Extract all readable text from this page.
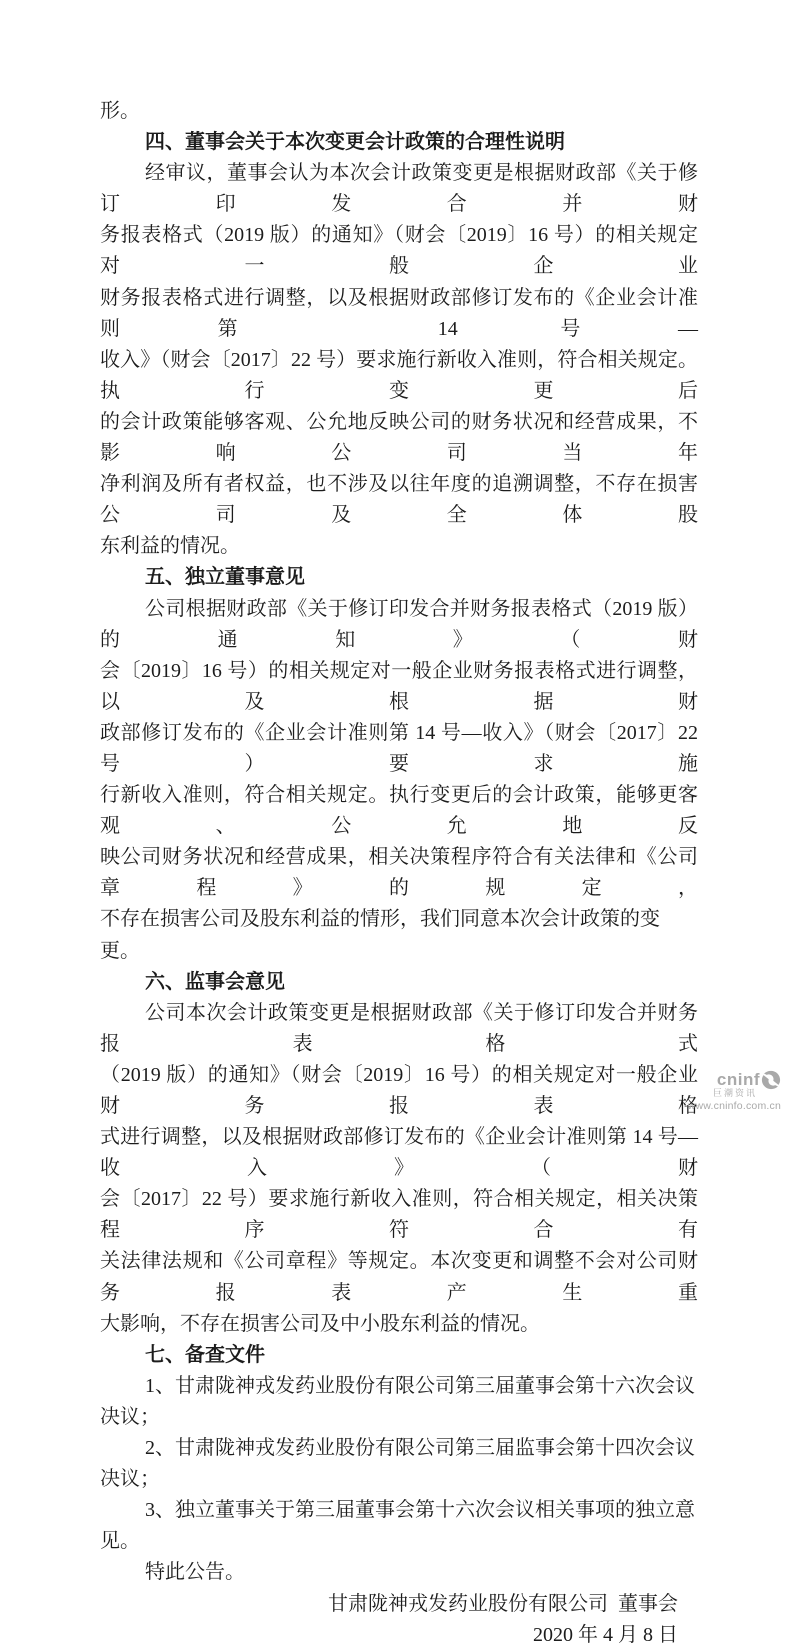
形。
四、董事会关于本次变更会计政策的合理性说明
经审议，董事会认为本次会计政策变更是根据财政部《关于修订印发合并财
务报表格式（2019 版）的通知》（财会〔2019〕16 号）的相关规定对一般企业
财务报表格式进行调整，以及根据财政部修订发布的《企业会计准则第 14 号—
收入》（财会〔2017〕22 号）要求施行新收入准则，符合相关规定。执行变更后
的会计政策能够客观、公允地反映公司的财务状况和经营成果，不影响公司当年
净利润及所有者权益，也不涉及以往年度的追溯调整，不存在损害公司及全体股
东利益的情况。
五、独立董事意见
公司根据财政部《关于修订印发合并财务报表格式（2019 版）的通知》（财
会〔2019〕16 号）的相关规定对一般企业财务报表格式进行调整，以及根据财
政部修订发布的《企业会计准则第 14 号—收入》（财会〔2017〕22 号）要求施
行新收入准则，符合相关规定。执行变更后的会计政策，能够更客观、公允地反
映公司财务状况和经营成果，相关决策程序符合有关法律和《公司章程》的规定，
不存在损害公司及股东利益的情形，我们同意本次会计政策的变更。
六、监事会意见
公司本次会计政策变更是根据财政部《关于修订印发合并财务报表格式
（2019 版）的通知》（财会〔2019〕16 号）的相关规定对一般企业财务报表格
式进行调整，以及根据财政部修订发布的《企业会计准则第 14 号—收入》（财
会〔2017〕22 号）要求施行新收入准则，符合相关规定，相关决策程序符合有
关法律法规和《公司章程》等规定。本次变更和调整不会对公司财务报表产生重
大影响，不存在损害公司及中小股东利益的情况。
七、备查文件
1、甘肃陇神戎发药业股份有限公司第三届董事会第十六次会议决议；
2、甘肃陇神戎发药业股份有限公司第三届监事会第十四次会议决议；
3、独立董事关于第三届董事会第十六次会议相关事项的独立意见。
特此公告。
甘肃陇神戎发药业股份有限公司  董事会
2020 年 4 月 8 日
cninf
巨潮资讯
www.cninfo.com.cn
